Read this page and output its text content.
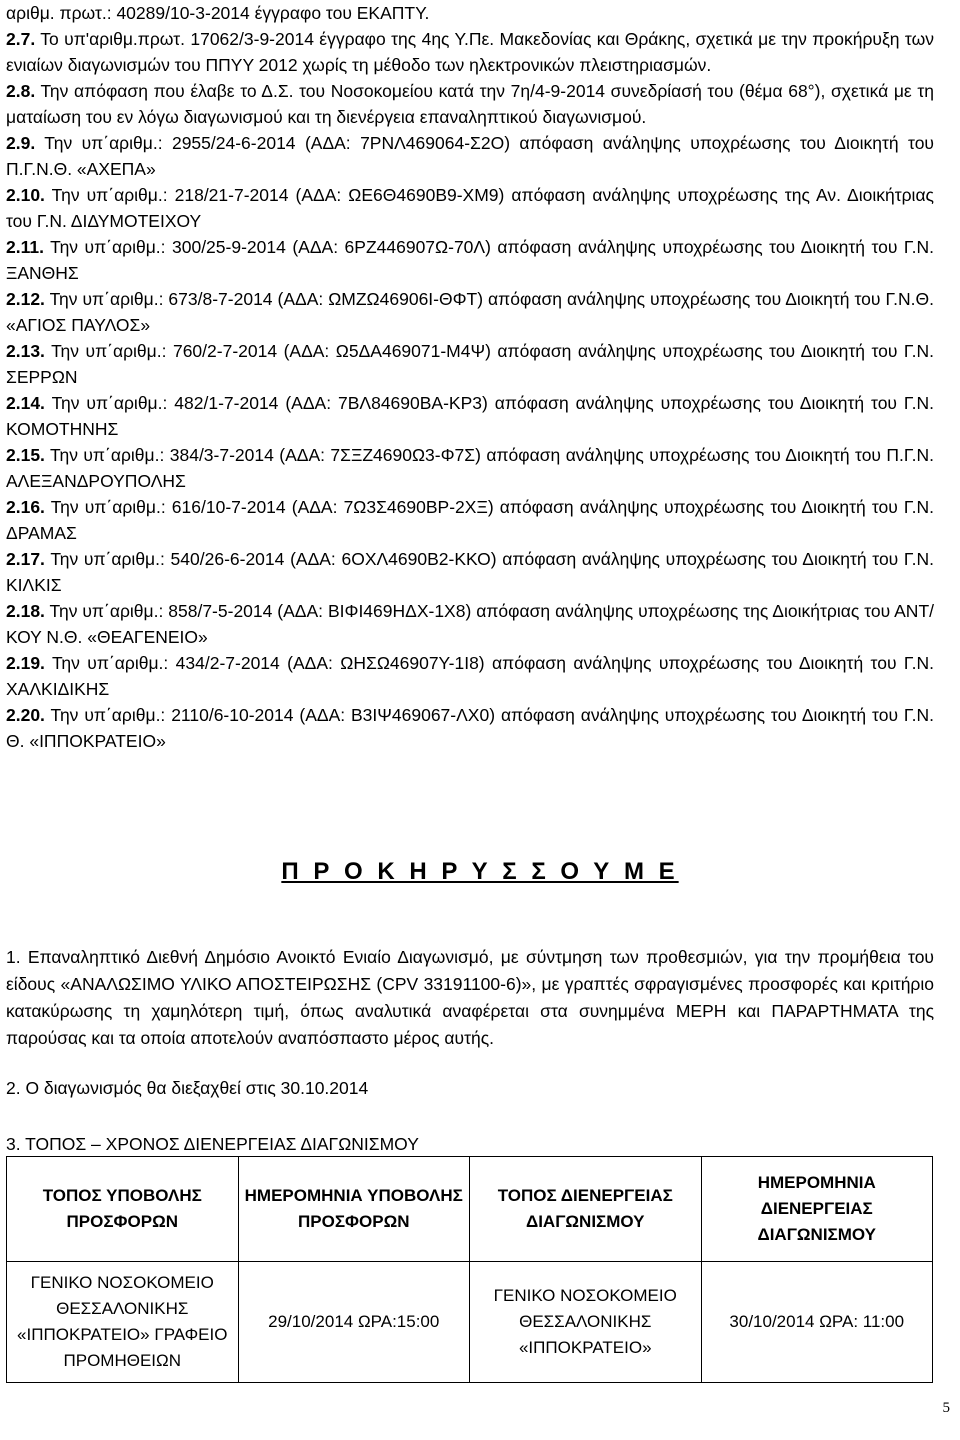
αριθμ. πρωτ.: 40289/10-3-2014 έγγραφο του ΕΚΑΠΤΥ.
2.7. Το υπ'αριθμ.πρωτ. 17062/3-9-2014 έγγραφο της 4ης Υ.Πε. Μακεδονίας και Θράκης, σχετικά με την προκήρυξη των ενιαίων διαγωνισμών του ΠΠΥΥ 2012 χωρίς τη μέθοδο των ηλεκτρονικών πλειστηριασμών.
2.8. Την απόφαση που έλαβε το Δ.Σ. του Νοσοκομείου κατά την 7η/4-9-2014 συνεδρίασή του (θέμα 68°), σχετικά με τη ματαίωση του εν λόγω διαγωνισμού και τη διενέργεια επαναληπτικού διαγωνισμού.
2.9. Την υπ΄αριθμ.: 2955/24-6-2014 (ΑΔΑ: 7ΡΝΛ469064-Σ2Ο) απόφαση ανάληψης υποχρέωσης του Διοικητή του Π.Γ.Ν.Θ. «ΑΧΕΠΑ»
2.10. Την υπ΄αριθμ.: 218/21-7-2014 (ΑΔΑ: ΩΕ6Θ4690Β9-ΧΜ9) απόφαση ανάληψης υποχρέωσης της Αν. Διοικήτριας του Γ.Ν. ΔΙΔΥΜΟΤΕΙΧΟΥ
2.11. Την υπ΄αριθμ.: 300/25-9-2014 (ΑΔΑ: 6ΡΖ446907Ω-70Λ) απόφαση ανάληψης υποχρέωσης του Διοικητή του Γ.Ν. ΞΑΝΘΗΣ
2.12. Την υπ΄αριθμ.: 673/8-7-2014 (ΑΔΑ: ΩΜΖΩ46906Ι-ΘΦΤ) απόφαση ανάληψης υποχρέωσης του Διοικητή του Γ.Ν.Θ. «ΑΓΙΟΣ ΠΑΥΛΟΣ»
2.13. Την υπ΄αριθμ.: 760/2-7-2014 (ΑΔΑ: Ω5ΔΑ469071-Μ4Ψ) απόφαση ανάληψης υποχρέωσης του Διοικητή του Γ.Ν. ΣΕΡΡΩΝ
2.14. Την υπ΄αριθμ.: 482/1-7-2014 (ΑΔΑ: 7ΒΛ84690ΒΑ-ΚΡ3) απόφαση ανάληψης υποχρέωσης του Διοικητή του Γ.Ν. ΚΟΜΟΤΗΝΗΣ
2.15. Την υπ΄αριθμ.: 384/3-7-2014 (ΑΔΑ: 7ΣΞΖ4690Ω3-Φ7Σ) απόφαση ανάληψης υποχρέωσης του Διοικητή του Π.Γ.Ν. ΑΛΕΞΑΝΔΡΟΥΠΟΛΗΣ
2.16. Την υπ΄αριθμ.: 616/10-7-2014 (ΑΔΑ: 7Ω3Σ4690ΒΡ-2ΧΞ) απόφαση ανάληψης υποχρέωσης του Διοικητή του Γ.Ν. ΔΡΑΜΑΣ
2.17. Την υπ΄αριθμ.: 540/26-6-2014 (ΑΔΑ: 6ΟΧΛ4690Β2-ΚΚΟ) απόφαση ανάληψης υποχρέωσης του Διοικητή του Γ.Ν. ΚΙΛΚΙΣ
2.18. Την υπ΄αριθμ.: 858/7-5-2014 (ΑΔΑ: ΒΙΦΙ469ΗΔΧ-1Χ8) απόφαση ανάληψης υποχρέωσης της Διοικήτριας του ΑΝΤ/ΚΟΥ Ν.Θ. «ΘΕΑΓΕΝΕΙΟ»
2.19. Την υπ΄αριθμ.: 434/2-7-2014 (ΑΔΑ: ΩΗΣΩ46907Υ-1Ι8) απόφαση ανάληψης υποχρέωσης του Διοικητή του Γ.Ν. ΧΑΛΚΙΔΙΚΗΣ
2.20. Την υπ΄αριθμ.: 2110/6-10-2014 (ΑΔΑ: Β3ΙΨ469067-ΛΧ0) απόφαση ανάληψης υποχρέωσης του Διοικητή του Γ.Ν. Θ. «ΙΠΠΟΚΡΑΤΕΙΟ»
Π Ρ Ο Κ Η Ρ Υ Σ Σ Ο Υ Μ Ε
1. Επαναληπτικό Διεθνή Δημόσιο Ανοικτό Ενιαίο Διαγωνισμό, με σύντμηση των προθεσμιών, για την προμήθεια του είδους «ΑΝΑΛΩΣΙΜΟ ΥΛΙΚΟ ΑΠΟΣΤΕΙΡΩΣΗΣ (CPV 33191100-6)», με γραπτές σφραγισμένες προσφορές και κριτήριο κατακύρωσης τη χαμηλότερη τιμή, όπως αναλυτικά αναφέρεται στα συνημμένα ΜΕΡΗ και ΠΑΡΑΡΤΗΜΑΤΑ της παρούσας και τα οποία αποτελούν αναπόσπαστο μέρος αυτής.
2. Ο διαγωνισμός θα διεξαχθεί στις 30.10.2014
3. ΤΟΠΟΣ – ΧΡΟΝΟΣ ΔΙΕΝΕΡΓΕΙΑΣ ΔΙΑΓΩΝΙΣΜΟΥ
ΤΟΠΟΣ ΥΠΟΒΟΛΗΣ ΠΡΟΣΦΟΡΩΝ	ΗΜΕΡΟΜΗΝΙΑ ΥΠΟΒΟΛΗΣ ΠΡΟΣΦΟΡΩΝ	ΤΟΠΟΣ ΔΙΕΝΕΡΓΕΙΑΣ ΔΙΑΓΩΝΙΣΜΟΥ	ΗΜΕΡΟΜΗΝΙΑ ΔΙΕΝΕΡΓΕΙΑΣ ΔΙΑΓΩΝΙΣΜΟΥ
ΓΕΝΙΚΟ ΝΟΣΟΚΟΜΕΙΟ ΘΕΣΣΑΛΟΝΙΚΗΣ «ΙΠΠΟΚΡΑΤΕΙΟ» ΓΡΑΦΕΙΟ ΠΡΟΜΗΘΕΙΩΝ	29/10/2014 ΩΡΑ:15:00	ΓΕΝΙΚΟ ΝΟΣΟΚΟΜΕΙΟ ΘΕΣΣΑΛΟΝΙΚΗΣ «ΙΠΠΟΚΡΑΤΕΙΟ»	30/10/2014 ΩΡΑ: 11:00
5
